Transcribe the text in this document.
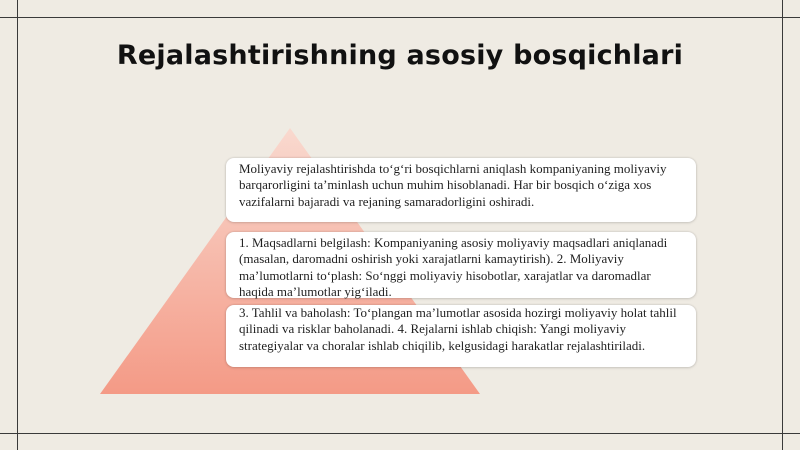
Rejalashtirishning asosiy bosqichlari

Moliyaviy rejalashtirishda to‘g‘ri bosqichlarni aniqlash kompaniyaning moliyaviy barqarorligini ta’minlash uchun muhim hisoblanadi. Har bir bosqich o‘ziga xos vazifalarni bajaradi va rejaning samaradorligini oshiradi.

1. Maqsadlarni belgilash: Kompaniyaning asosiy moliyaviy maqsadlari aniqlanadi (masalan, daromadni oshirish yoki xarajatlarni kamaytirish). 2. Moliyaviy ma’lumotlarni to‘plash: So‘nggi moliyaviy hisobotlar, xarajatlar va daromadlar haqida ma’lumotlar yig‘iladi.

3. Tahlil va baholash: To‘plangan ma’lumotlar asosida hozirgi moliyaviy holat tahlil qilinadi va risklar baholanadi. 4. Rejalarni ishlab chiqish: Yangi moliyaviy strategiyalar va choralar ishlab chiqilib, kelgusidagi harakatlar rejalashtiriladi.
